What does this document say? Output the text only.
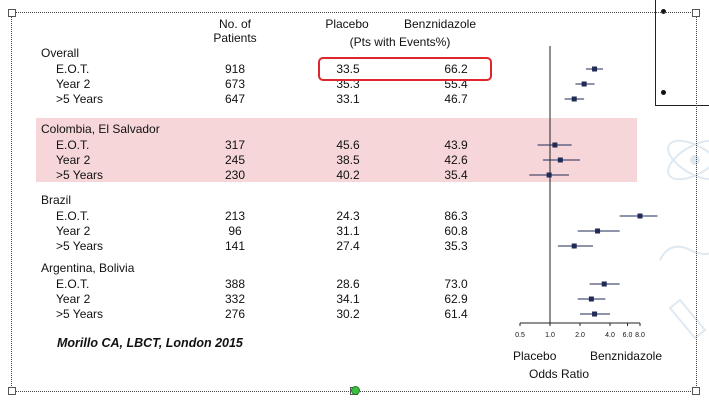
No. of
Patients
Placebo	Benznidazole
(Pts with Events%)
Overall
E.O.T.	918	33.5	66.2
Year 2	673	35.3	55.4
>5 Years	647	33.1	46.7
Colombia, El Salvador
E.O.T.	317	45.6	43.9
Year 2	245	38.5	42.6
>5 Years	230	40.2	35.4
Brazil
E.O.T.	213	24.3	86.3
Year 2	96	31.1	60.8
>5 Years	141	27.4	35.3
Argentina, Bolivia
E.O.T.	388	28.6	73.0
Year 2	332	34.1	62.9
>5 Years	276	30.2	61.4
Morillo CA, LBCT, London 2015
0.5	1.0	2.0	4.0 6.0 8.0
Placebo	Benznidazole
Odds Ratio
